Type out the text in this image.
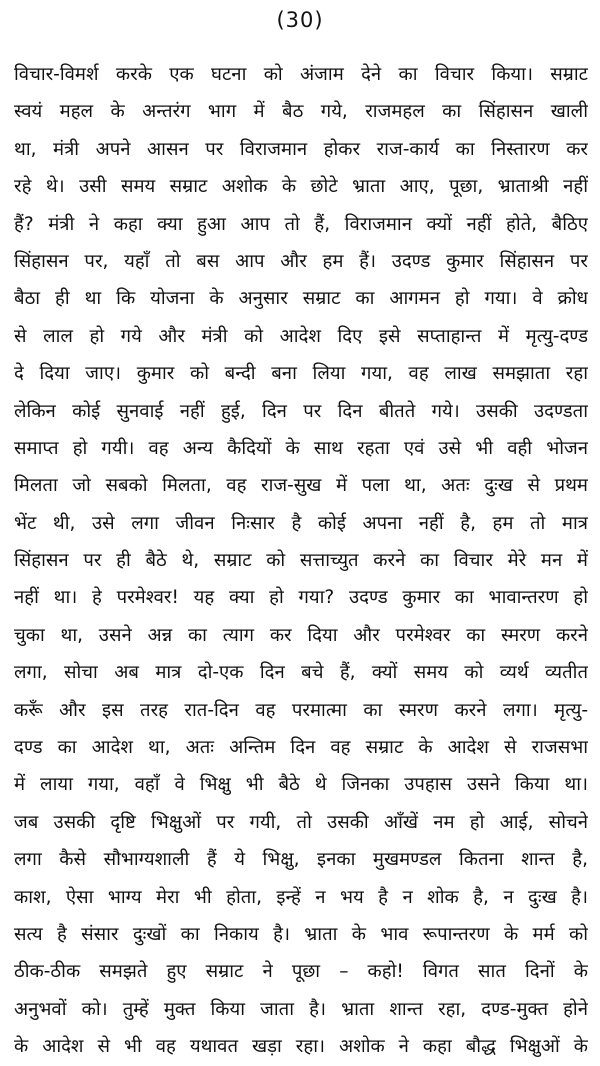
(30)
विचार-विमर्श करके एक घटना को अंजाम देने का विचार किया। सम्राट
स्वयं महल के अन्तरंग भाग में बैठ गये, राजमहल का सिंहासन खाली
था, मंत्री अपने आसन पर विराजमान होकर राज-कार्य का निस्तारण कर
रहे थे। उसी समय सम्राट अशोक के छोटे भ्राता आए, पूछा, भ्राताश्री नहीं
हैं? मंत्री ने कहा क्या हुआ आप तो हैं, विराजमान क्यों नहीं होते, बैठिए
सिंहासन पर, यहाँ तो बस आप और हम हैं। उदण्ड कुमार सिंहासन पर
बैठा ही था कि योजना के अनुसार सम्राट का आगमन हो गया। वे क्रोध
से लाल हो गये और मंत्री को आदेश दिए इसे सप्ताहान्त में मृत्यु-दण्ड
दे दिया जाए। कुमार को बन्दी बना लिया गया, वह लाख समझाता रहा
लेकिन कोई सुनवाई नहीं हुई, दिन पर दिन बीतते गये। उसकी उदण्डता
समाप्त हो गयी। वह अन्य कैदियों के साथ रहता एवं उसे भी वही भोजन
मिलता जो सबको मिलता, वह राज-सुख में पला था, अतः दुःख से प्रथम
भेंट थी, उसे लगा जीवन निःसार है कोई अपना नहीं है, हम तो मात्र
सिंहासन पर ही बैठे थे, सम्राट को सत्ताच्युत करने का विचार मेरे मन में
नहीं था। हे परमेश्वर! यह क्या हो गया? उदण्ड कुमार का भावान्तरण हो
चुका था, उसने अन्न का त्याग कर दिया और परमेश्वर का स्मरण करने
लगा, सोचा अब मात्र दो-एक दिन बचे हैं, क्यों समय को व्यर्थ व्यतीत
करूँ और इस तरह रात-दिन वह परमात्मा का स्मरण करने लगा। मृत्यु-
दण्ड का आदेश था, अतः अन्तिम दिन वह सम्राट के आदेश से राजसभा
में लाया गया, वहाँ वे भिक्षु भी बैठे थे जिनका उपहास उसने किया था।
जब उसकी दृष्टि भिक्षुओं पर गयी, तो उसकी आँखें नम हो आई, सोचने
लगा कैसे सौभाग्यशाली हैं ये भिक्षु, इनका मुखमण्डल कितना शान्त है,
काश, ऐसा भाग्य मेरा भी होता, इन्हें न भय है न शोक है, न दुःख है।
सत्य है संसार दुःखों का निकाय है। भ्राता के भाव रूपान्तरण के मर्म को
ठीक-ठीक समझते हुए सम्राट ने पूछा – कहो! विगत सात दिनों के
अनुभवों को। तुम्हें मुक्त किया जाता है। भ्राता शान्त रहा, दण्ड-मुक्त होने
के आदेश से भी वह यथावत खड़ा रहा। अशोक ने कहा बौद्ध भिक्षुओं के
